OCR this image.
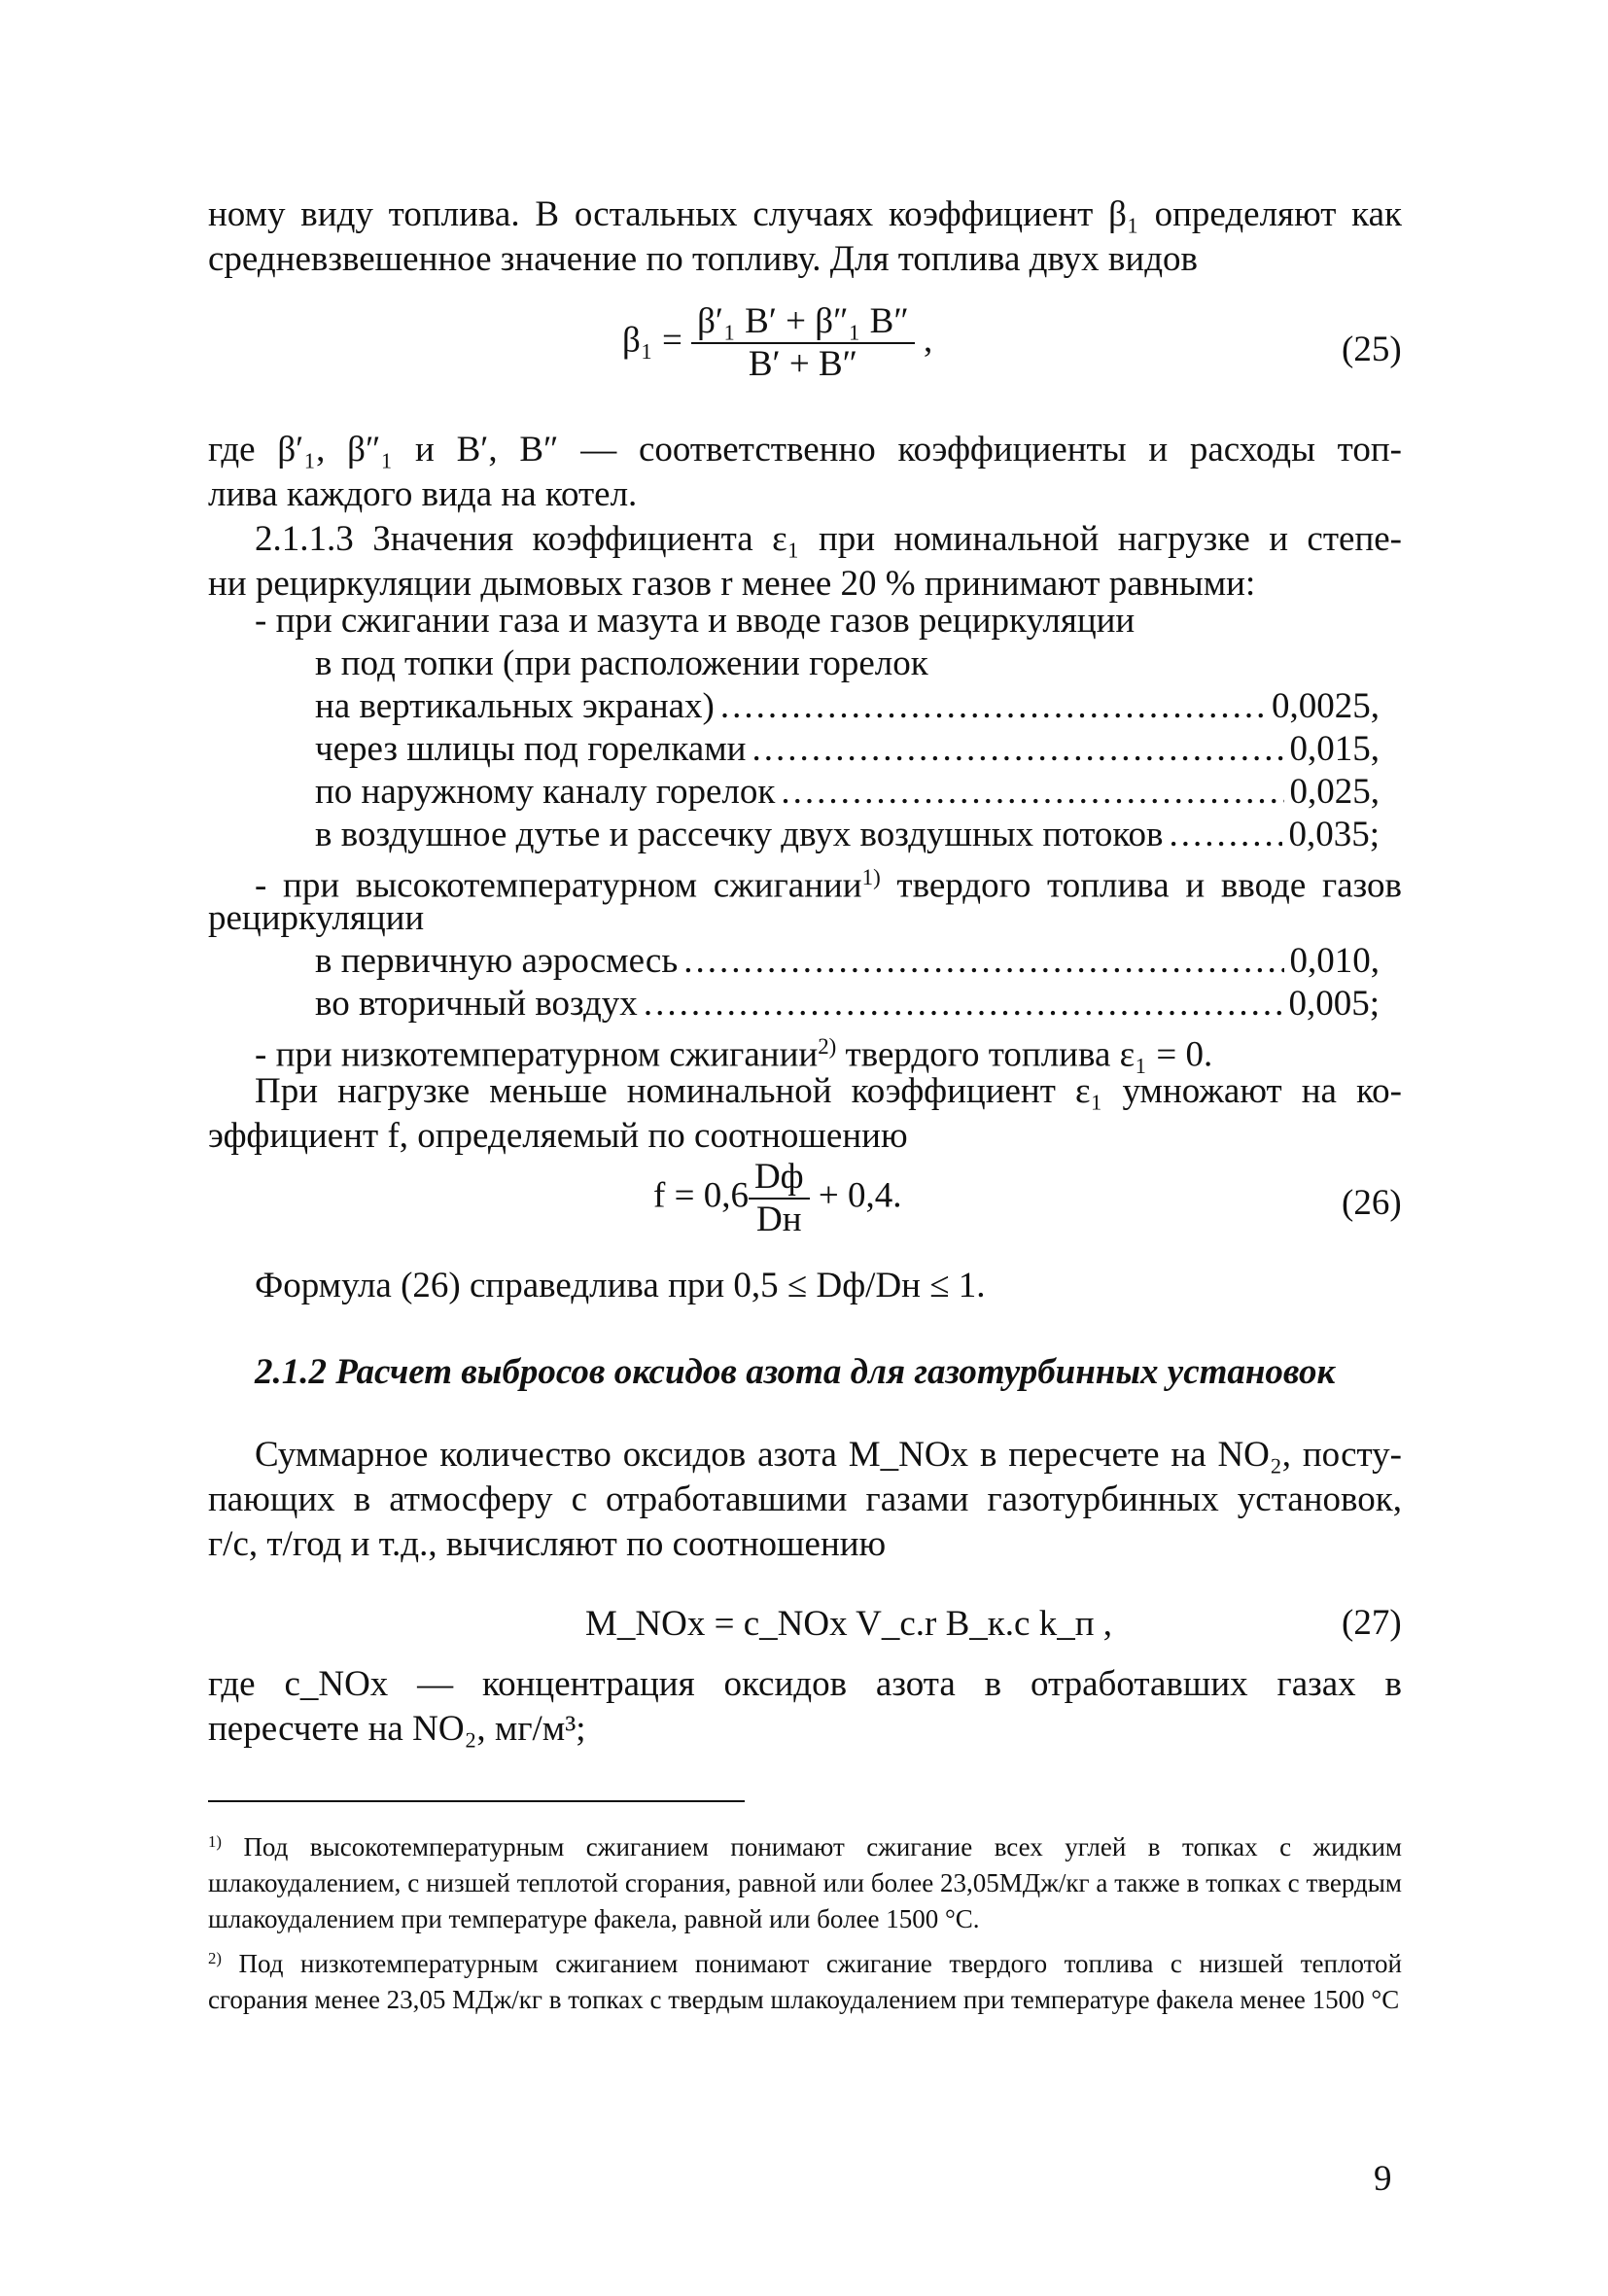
ному виду топлива. В остальных случаях коэффициент β₁ определяют как
средневзвешенное значение по топливу. Для топлива двух видов
$\beta_1 = \frac{\text{β′₁ B′ + β″₁ B″}}{B' + B''}$ ,	(25)
где β′₁, β″₁ и B′, B″ — соответственно коэффициенты и расходы топ-
лива каждого вида на котел.
2.1.1.3 Значения коэффициента ε₁ при номинальной нагрузке и степе-
ни рециркуляции дымовых газов r менее 20 % принимают равными:
- при сжигании газа и мазута и вводе газов рециркуляции
в под топки (при расположении горелок
на вертикальных экранах) .....	0,0025,
через шлицы под горелками .....	0,015,
по наружному каналу горелок .....	0,025,
в воздушное дутье и рассечку двух воздушных потоков .....	0,035;
- при высокотемпературном сжигании$^{1)}$ твердого топлива и вводе газов
рециркуляции
в первичную аэросмесь .....	0,010,
во вторичный воздух .....	0,005;
- при низкотемпературном сжигании$^{2)}$ твердого топлива ε₁ = 0.
При нагрузке меньше номинальной коэффициент ε₁ умножают на ко-
эффициент f, определяемый по соотношению
$f = 0,6 \frac{Dф}{Dн} + 0,4$.	(26)
Формула (26) справедлива при 0,5 ≤ Dф/Dн ≤ 1.
2.1.2 Расчет выбросов оксидов азота для газотурбинных установок
Суммарное количество оксидов азота M_NOx в пересчете на NO₂, посту-
пающих в атмосферу с отработавшими газами газотурбинных установок,
г/с, т/год и т.д., вычисляют по соотношению
M_NOx = c_NOx V_c.r B_к.с k_п ,	(27)
где c_NOx — концентрация оксидов азота в отработавших газах в
пересчете на NO₂, мг/м³;
$^{1)}$ Под высокотемпературным сжиганием понимают сжигание всех углей в топках с жидким шлакоудалением, с низшей теплотой сгорания, равной или более 23,05МДж/кг а также в топках с твердым шлакоудалением при температуре факела, равной или более 1500 °С.
$^{2)}$ Под низкотемпературным сжиганием понимают сжигание твердого топлива с низшей теплотой сгорания менее 23,05 МДж/кг в топках с твердым шлакоудалением при температуре факела менее 1500 °С
9
